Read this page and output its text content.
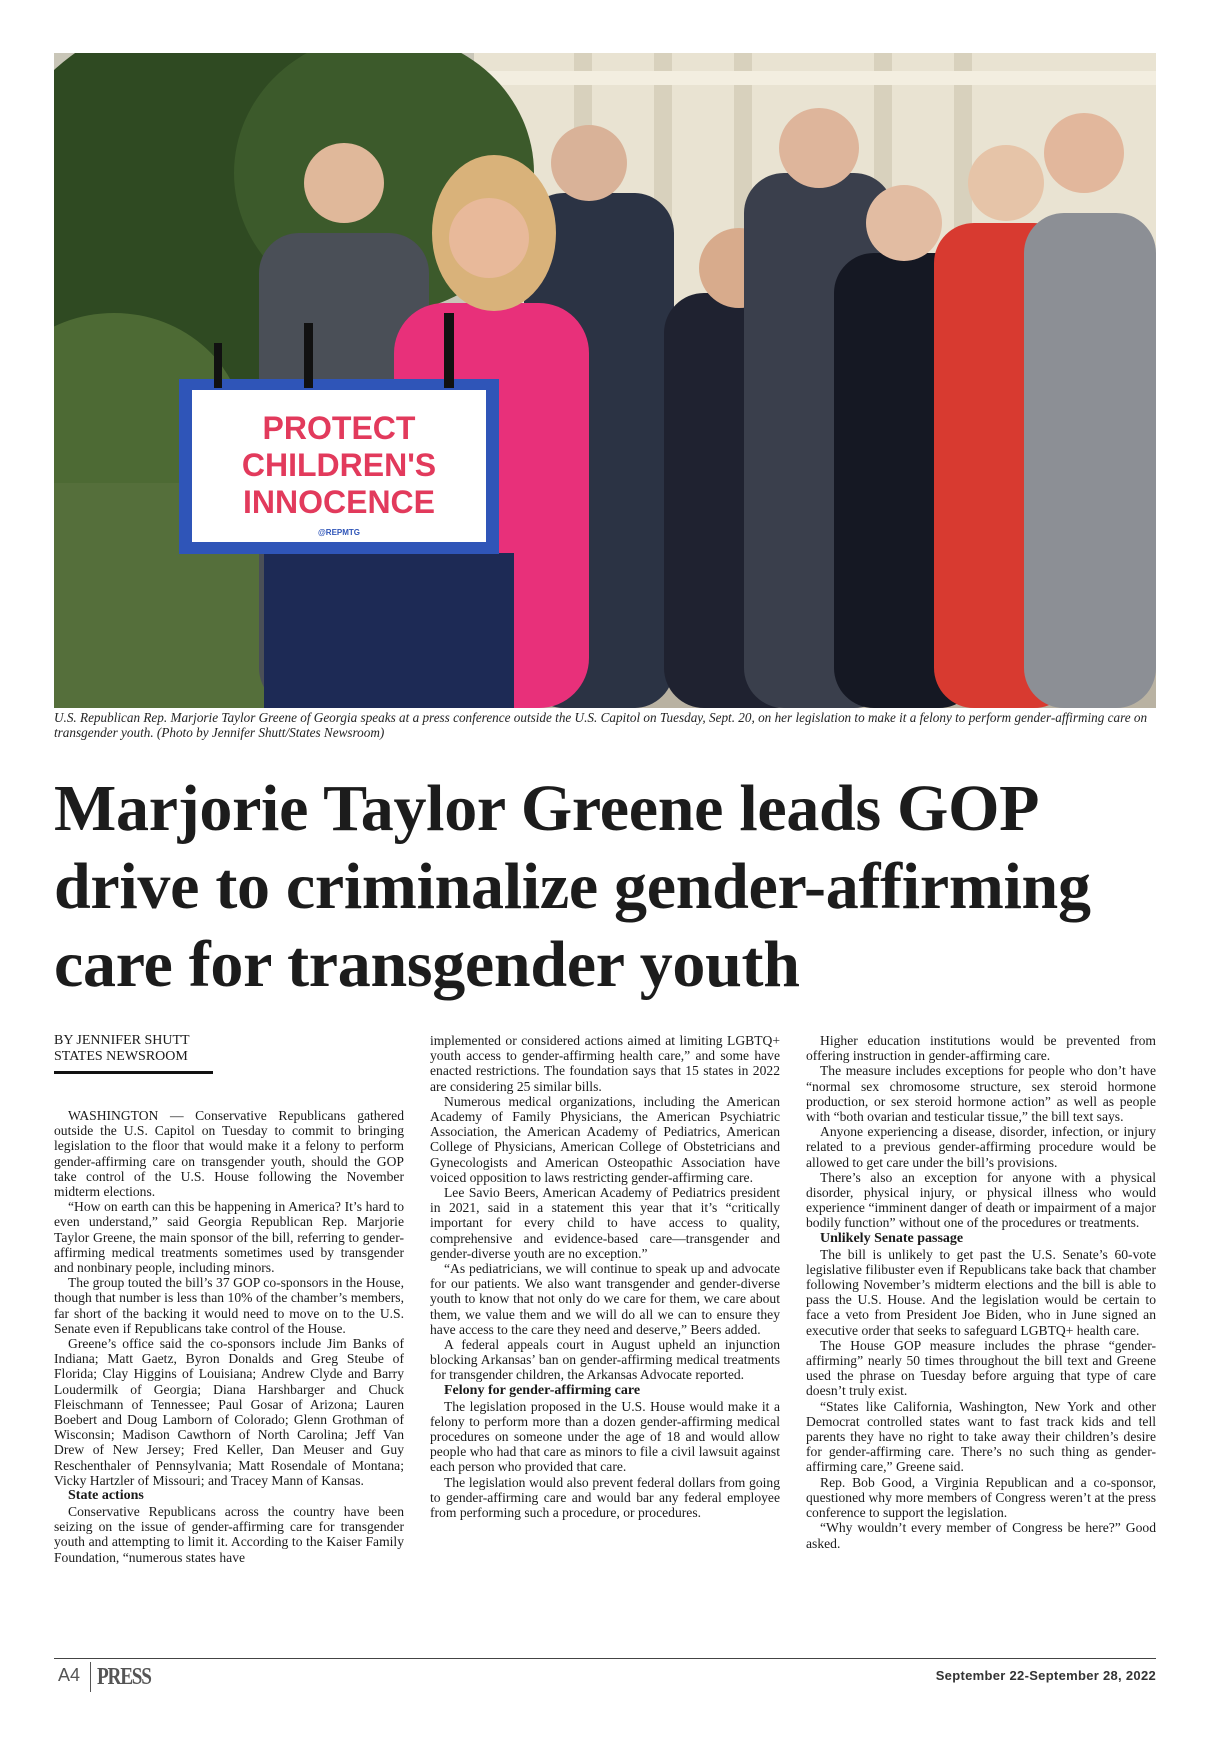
PROTECT
CHILDREN'S
INNOCENCE
@REPMTG
U.S. Republican Rep. Marjorie Taylor Greene of Georgia speaks at a press conference outside the U.S. Capitol on Tuesday, Sept. 20, on her legislation to make it a felony to perform gender-affirming care on transgender youth. (Photo by Jennifer Shutt/States Newsroom)
Marjorie Taylor Greene leads GOP drive to criminalize gender-affirming care for transgender youth
BY JENNIFER SHUTT
STATES NEWSROOM

WASHINGTON — Conservative Republicans gathered outside the U.S. Capitol on Tuesday to commit to bringing legislation to the floor that would make it a felony to perform gender-affirming care on transgender youth, should the GOP take control of the U.S. House following the November midterm elections.

“How on earth can this be happening in America? It’s hard to even understand,” said Georgia Republican Rep. Marjorie Taylor Greene, the main sponsor of the bill, referring to gender-affirming medical treatments sometimes used by transgender and nonbinary people, including minors.

The group touted the bill’s 37 GOP co-sponsors in the House, though that number is less than 10% of the chamber’s members, far short of the backing it would need to move on to the U.S. Senate even if Republicans take control of the House.

Greene’s office said the co-sponsors include Jim Banks of Indiana; Matt Gaetz, Byron Donalds and Greg Steube of Florida; Clay Higgins of Louisiana; Andrew Clyde and Barry Loudermilk of Georgia; Diana Harshbarger and Chuck Fleischmann of Tennessee; Paul Gosar of Arizona; Lauren Boebert and Doug Lamborn of Colorado; Glenn Grothman of Wisconsin; Madison Cawthorn of North Carolina; Jeff Van Drew of New Jersey; Fred Keller, Dan Meuser and Guy Reschenthaler of Pennsylvania; Matt Rosendale of Montana; Vicky Hartzler of Missouri; and Tracey Mann of Kansas.

State actions

Conservative Republicans across the country have been seizing on the issue of gender-affirming care for transgender youth and attempting to limit it. According to the Kaiser Family Foundation, “numerous states have

implemented or considered actions aimed at limiting LGBTQ+ youth access to gender-affirming health care,” and some have enacted restrictions. The foundation says that 15 states in 2022 are considering 25 similar bills.

Numerous medical organizations, including the American Academy of Family Physicians, the American Psychiatric Association, the American Academy of Pediatrics, American College of Physicians, American College of Obstetricians and Gynecologists and American Osteopathic Association have voiced opposition to laws restricting gender-affirming care.

Lee Savio Beers, American Academy of Pediatrics president in 2021, said in a statement this year that it’s “critically important for every child to have access to quality, comprehensive and evidence-based care—transgender and gender-diverse youth are no exception.”

“As pediatricians, we will continue to speak up and advocate for our patients. We also want transgender and gender-diverse youth to know that not only do we care for them, we care about them, we value them and we will do all we can to ensure they have access to the care they need and deserve,” Beers added.

A federal appeals court in August upheld an injunction blocking Arkansas’ ban on gender-affirming medical treatments for transgender children, the Arkansas Advocate reported.

Felony for gender-affirming care

The legislation proposed in the U.S. House would make it a felony to perform more than a dozen gender-affirming medical procedures on someone under the age of 18 and would allow people who had that care as minors to file a civil lawsuit against each person who provided that care.

The legislation would also prevent federal dollars from going to gender-affirming care and would bar any federal employee from performing such a procedure, or procedures.

Higher education institutions would be prevented from offering instruction in gender-affirming care.

The measure includes exceptions for people who don’t have “normal sex chromosome structure, sex steroid hormone production, or sex steroid hormone action” as well as people with “both ovarian and testicular tissue,” the bill text says.

Anyone experiencing a disease, disorder, infection, or injury related to a previous gender-affirming procedure would be allowed to get care under the bill’s provisions.

There’s also an exception for anyone with a physical disorder, physical injury, or physical illness who would experience “imminent danger of death or impairment of a major bodily function” without one of the procedures or treatments.

Unlikely Senate passage

The bill is unlikely to get past the U.S. Senate’s 60-vote legislative filibuster even if Republicans take back that chamber following November’s midterm elections and the bill is able to pass the U.S. House. And the legislation would be certain to face a veto from President Joe Biden, who in June signed an executive order that seeks to safeguard LGBTQ+ health care.

The House GOP measure includes the phrase “gender-affirming” nearly 50 times throughout the bill text and Greene used the phrase on Tuesday before arguing that type of care doesn’t truly exist.

“States like California, Washington, New York and other Democrat controlled states want to fast track kids and tell parents they have no right to take away their children’s desire for gender-affirming care. There’s no such thing as gender-affirming care,” Greene said.

Rep. Bob Good, a Virginia Republican and a co-sponsor, questioned why more members of Congress weren’t at the press conference to support the legislation.

“Why wouldn’t every member of Congress be here?” Good asked.

A4 PRESS	September 22-September 28, 2022
